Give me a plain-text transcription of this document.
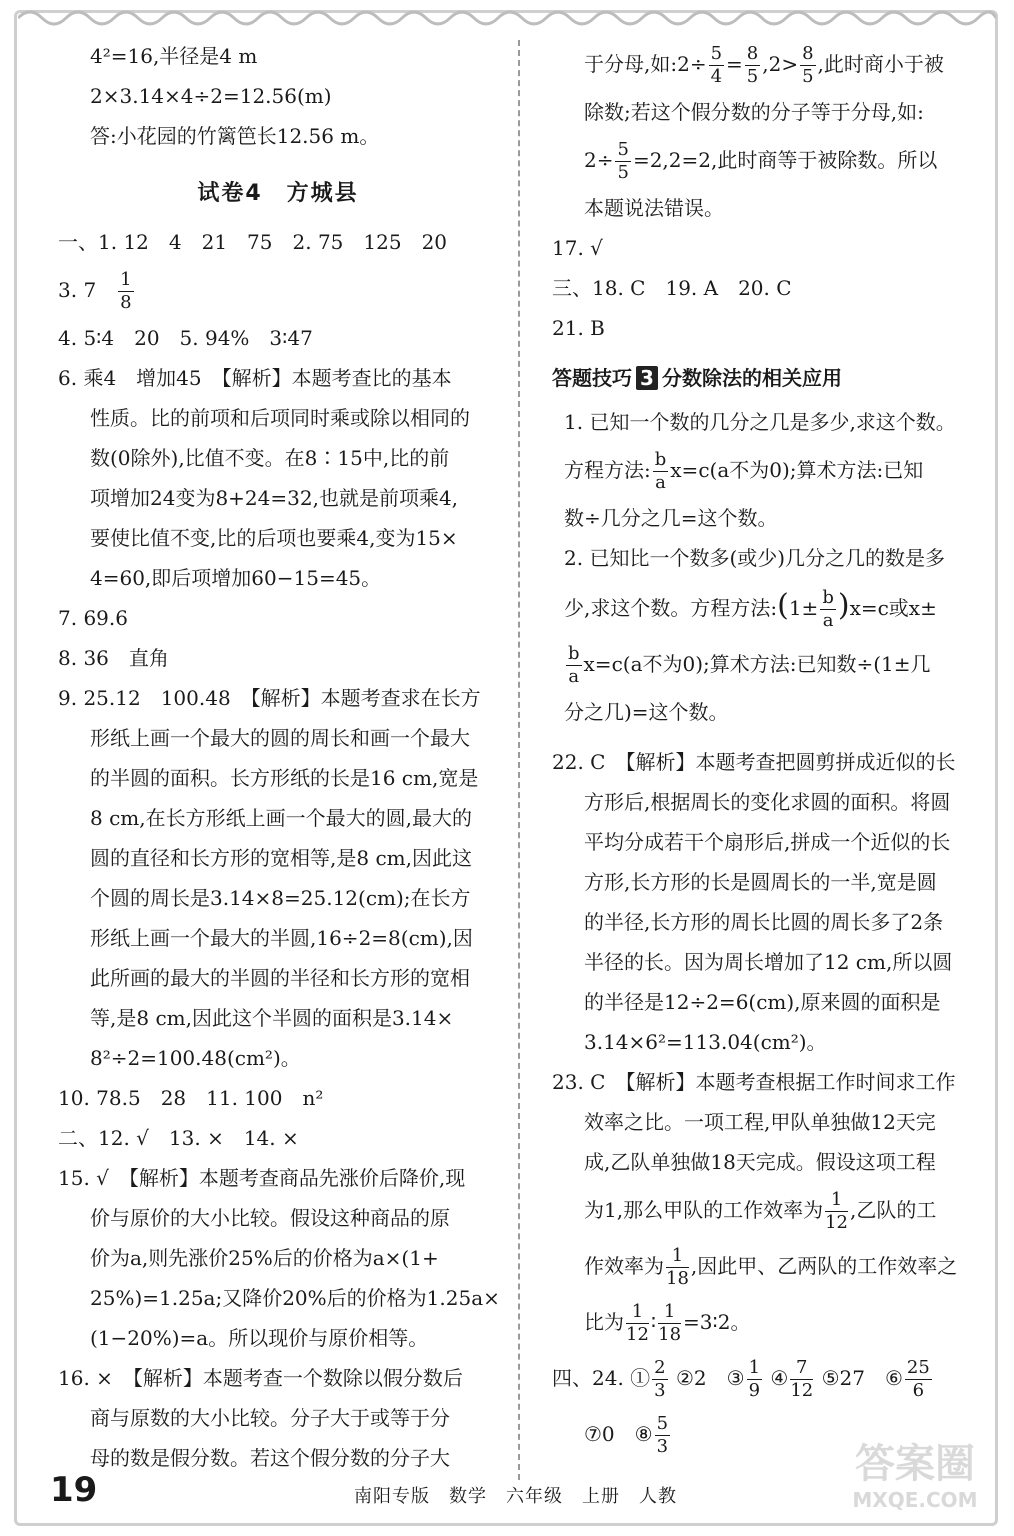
4²=16,半径是4 m
2×3.14×4÷2=12.56(m)
答:小花园的竹篱笆长12.56 m。
试卷4　方城县
一、1. 12　4　21　75　2. 75　125　20
3. 7　 $\frac{1}{8}$
4. 5∶4　20　5. 94%　3∶47
6. 乘4　增加45　【解析】本题考查比的基本
性质。比的前项和后项同时乘或除以相同的
数(0除外),比值不变。在8∶15中,比的前
项增加24变为8+24=32,也就是前项乘4,
要使比值不变,比的后项也要乘4,变为15×
4=60,即后项增加60−15=45。
7. 69.6
8. 36　直角
9. 25.12　100.48　【解析】本题考查求在长方
形纸上画一个最大的圆的周长和画一个最大
的半圆的面积。长方形纸的长是16 cm,宽是
8 cm,在长方形纸上画一个最大的圆,最大的
圆的直径和长方形的宽相等,是8 cm,因此这
个圆的周长是3.14×8=25.12(cm);在长方
形纸上画一个最大的半圆,16÷2=8(cm),因
此所画的最大的半圆的半径和长方形的宽相
等,是8 cm,因此这个半圆的面积是3.14×
8²÷2=100.48(cm²)。
10. 78.5　28　11. 100　n²
二、12. √　13. ×　14. ×
15. √　【解析】本题考查商品先涨价后降价,现
价与原价的大小比较。假设这种商品的原
价为a,则先涨价25%后的价格为a×(1+
25%)=1.25a;又降价20%后的价格为1.25a×
(1−20%)=a。所以现价与原价相等。
16. ×　【解析】本题考查一个数除以假分数后
商与原数的大小比较。分子大于或等于分
母的数是假分数。若这个假分数的分子大
于分母,如:2÷ $\frac{5}{4} = \frac{8}{5} ,2> \frac{8}{5}$ ,此时商小于被
除数;若这个假分数的分子等于分母,如:
$2\div \frac{5}{5} =2,2=2$,此时商等于被除数。所以
本题说法错误。
17. √
三、18. C　19. A　20. C
21. B
答题技巧 3 分数除法的相关应用
1. 已知一个数的几分之几是多少,求这个数。
方程方法: $\frac{b}{a} x=c(a$不为0);算术方法:已知
数÷几分之几=这个数。
2. 已知比一个数多(或少)几分之几的数是多
少,求这个数。方程方法:(1± $\frac{b}{a} )x=c$或x±
$\frac{b}{a} x=c(a$不为0);算术方法:已知数÷(1±几
分之几)=这个数。
22. C　【解析】本题考查把圆剪拼成近似的长
方形后,根据周长的变化求圆的面积。将圆
平均分成若干个扇形后,拼成一个近似的长
方形,长方形的长是圆周长的一半,宽是圆
的半径,长方形的周长比圆的周长多了2条
半径的长。因为周长增加了12 cm,所以圆
的半径是12÷2=6(cm),原来圆的面积是
3.14×6²=113.04(cm²)。
23. C　【解析】本题考查根据工作时间求工作
效率之比。一项工程,甲队单独做12天完
成,乙队单独做18天完成。假设这项工程
为1,那么甲队的工作效率为 $\frac{1}{12}$ ,乙队的工
作效率为 $\frac{1}{18}$ ,因此甲、乙两队的工作效率之
比为 $\frac{1}{12}$ ∶ $\frac{1}{18}$ =3∶2。
四、24. ① $\frac{2}{3}$ ②2　③ $\frac{1}{9}$ ④ $\frac{7}{12}$ ⑤27　⑥ $\frac{25}{6}$
⑦0　⑧ $\frac{5}{3}$
19	南阳专版　数学　六年级　上册　人教
答案圈
MXQE.COM
